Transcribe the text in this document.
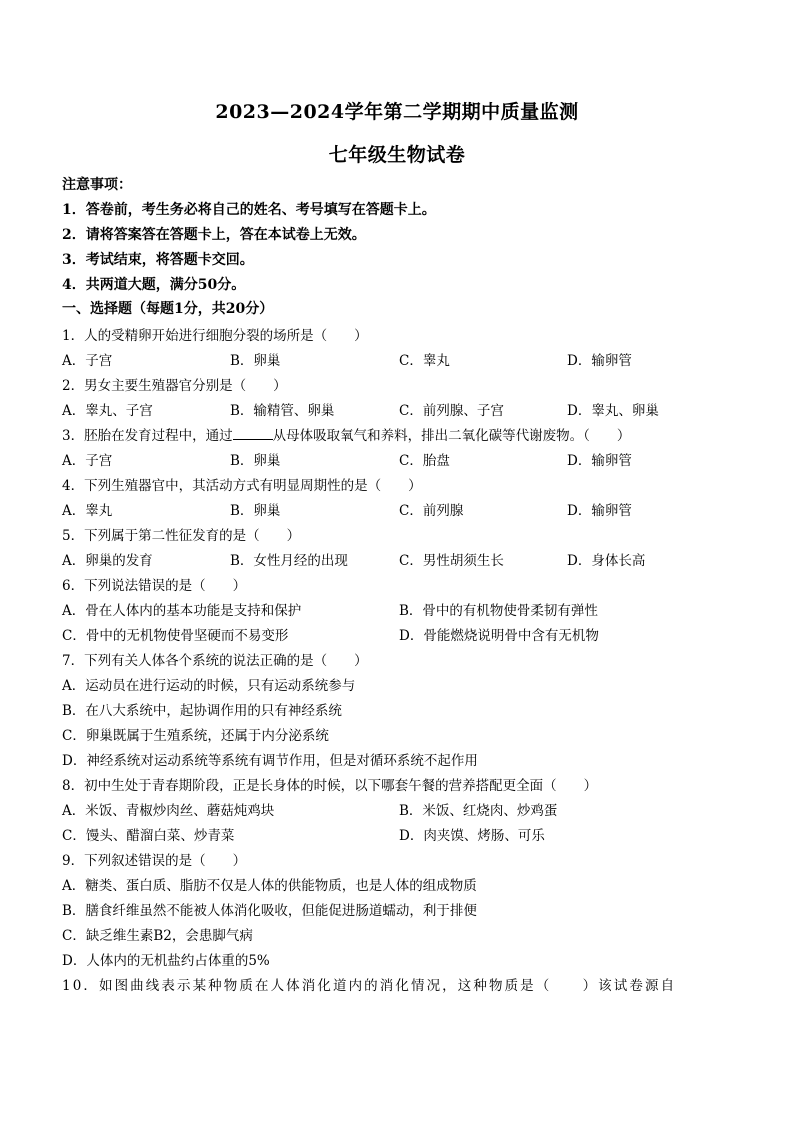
2023—2024学年第二学期期中质量监测
七年级生物试卷
注意事项：
1．答卷前，考生务必将自己的姓名、考号填写在答题卡上。
2．请将答案答在答题卡上，答在本试卷上无效。
3．考试结束，将答题卡交回。
4．共两道大题，满分50分。
一、选择题（每题1分，共20分）
1．人的受精卵开始进行细胞分裂的场所是（　　）
A．子宫	B．卵巢	C．睾丸	D．输卵管
2．男女主要生殖器官分别是（　　）
A．睾丸、子宫	B．输精管、卵巢	C．前列腺、子宫	D．睾丸、卵巢
3．胚胎在发育过程中，通过	从母体吸取氧气和养料，排出二氧化碳等代谢废物。（　　）
A．子宫	B．卵巢	C．胎盘	D．输卵管
4．下列生殖器官中，其活动方式有明显周期性的是（　　）
A．睾丸	B．卵巢	C．前列腺	D．输卵管
5．下列属于第二性征发育的是（　　）
A．卵巢的发育	B．女性月经的出现	C．男性胡须生长	D．身体长高
6．下列说法错误的是（　　）
A．骨在人体内的基本功能是支持和保护	B．骨中的有机物使骨柔韧有弹性
C．骨中的无机物使骨坚硬而不易变形	D．骨能燃烧说明骨中含有无机物
7．下列有关人体各个系统的说法正确的是（　　）
A．运动员在进行运动的时候，只有运动系统参与
B．在八大系统中，起协调作用的只有神经系统
C．卵巢既属于生殖系统，还属于内分泌系统
D．神经系统对运动系统等系统有调节作用，但是对循环系统不起作用
8．初中生处于青春期阶段，正是长身体的时候，以下哪套午餐的营养搭配更全面（　　）
A．米饭、青椒炒肉丝、蘑菇炖鸡块	B．米饭、红烧肉、炒鸡蛋
C．馒头、醋溜白菜、炒青菜	D．肉夹馍、烤肠、可乐
9．下列叙述错误的是（　　）
A．糖类、蛋白质、脂肪不仅是人体的供能物质，也是人体的组成物质
B．膳食纤维虽然不能被人体消化吸收，但能促进肠道蠕动，利于排便
C．缺乏维生素B2，会患脚气病
D．人体内的无机盐约占体重的5%
10．如图曲线表示某种物质在人体消化道内的消化情况，这种物质是（　　）该试卷源自
